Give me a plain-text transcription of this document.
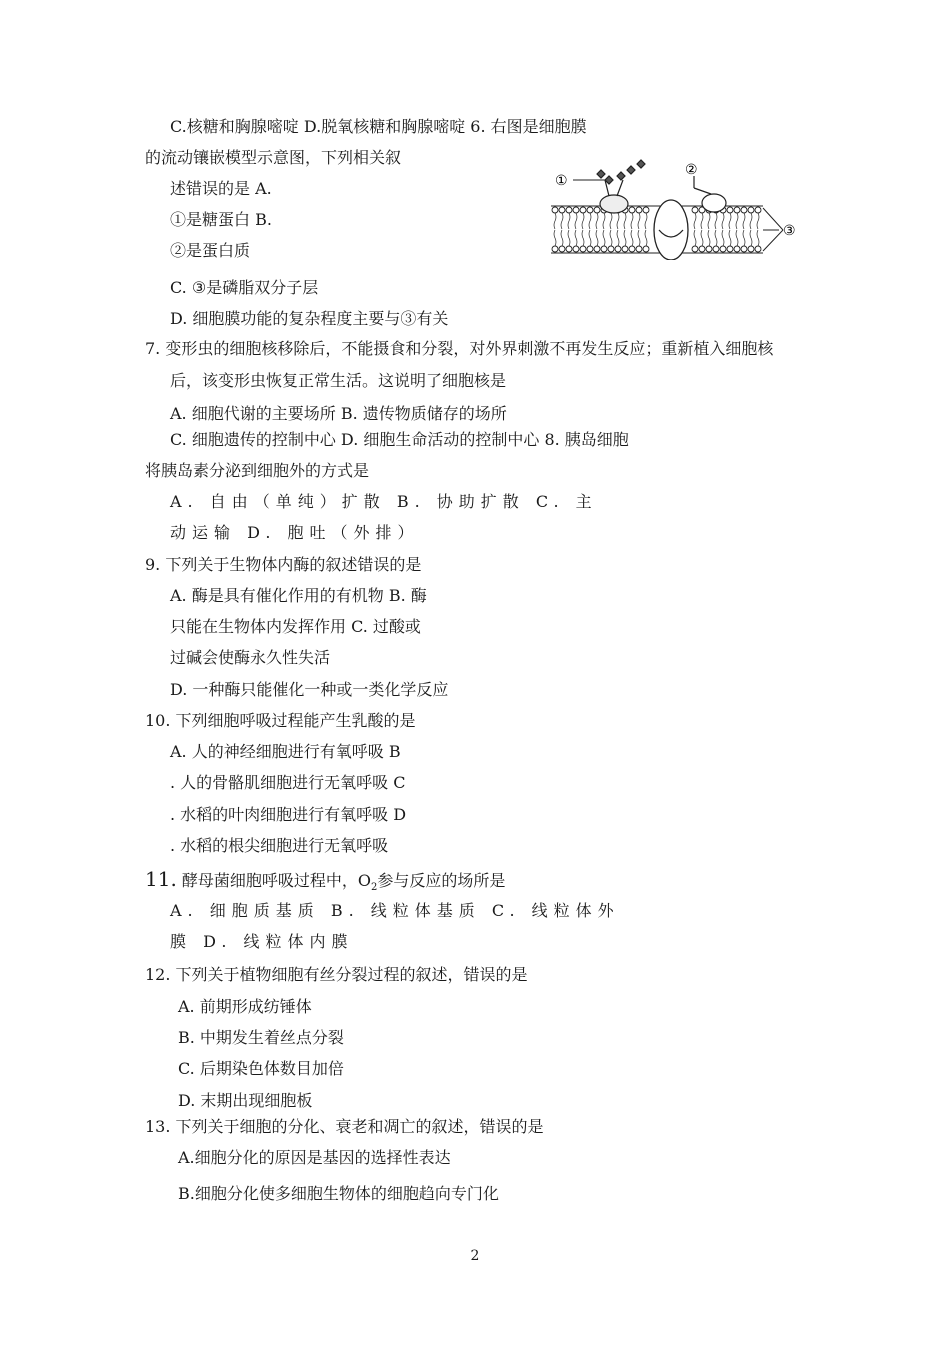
C.核糖和胸腺嘧啶 D.脱氧核糖和胸腺嘧啶 6. 右图是细胞膜
的流动镶嵌模型示意图，下列相关叙
述错误的是 A.
①是糖蛋白 B.
②是蛋白质
①
②
③
C. ③是磷脂双分子层
D. 细胞膜功能的复杂程度主要与③有关
7. 变形虫的细胞核移除后，不能摄食和分裂，对外界刺激不再发生反应；重新植入细胞核
后，该变形虫恢复正常生活。这说明了细胞核是
A. 细胞代谢的主要场所 B. 遗传物质储存的场所
C. 细胞遗传的控制中心 D. 细胞生命活动的控制中心 8. 胰岛细胞
将胰岛素分泌到细胞外的方式是
A. 自由（单纯）扩散 B. 协助扩散 C. 主
动运输 D. 胞吐（外排）
9. 下列关于生物体内酶的叙述错误的是
A. 酶是具有催化作用的有机物 B. 酶
只能在生物体内发挥作用 C. 过酸或
过碱会使酶永久性失活
D. 一种酶只能催化一种或一类化学反应
10. 下列细胞呼吸过程能产生乳酸的是
A. 人的神经细胞进行有氧呼吸 B
. 人的骨骼肌细胞进行无氧呼吸 C
. 水稻的叶肉细胞进行有氧呼吸 D
. 水稻的根尖细胞进行无氧呼吸
11. 酵母菌细胞呼吸过程中，$O_2$参与反应的场所是
A. 细胞质基质 B. 线粒体基质 C. 线粒体外
膜 D. 线粒体内膜
12. 下列关于植物细胞有丝分裂过程的叙述，错误的是
A. 前期形成纺锤体
B. 中期发生着丝点分裂
C. 后期染色体数目加倍
D. 末期出现细胞板
13. 下列关于细胞的分化、衰老和凋亡的叙述，错误的是
A.细胞分化的原因是基因的选择性表达
B.细胞分化使多细胞生物体的细胞趋向专门化
2
